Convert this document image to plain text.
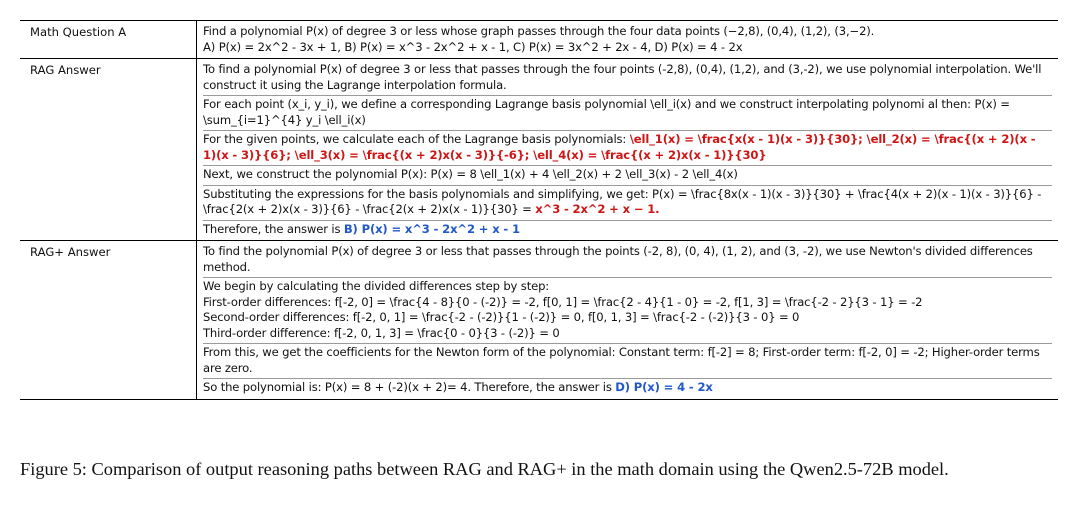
Math Question A	Find a polynomial P(x) of degree 3 or less whose graph passes through the four data points (−2,8), (0,4), (1,2), (3,−2).
A) P(x) = 2x^2 - 3x + 1, B) P(x) = x^3 - 2x^2 + x - 1, C) P(x) = 3x^2 + 2x - 4, D) P(x) = 4 - 2x
RAG Answer	To find a polynomial P(x) of degree 3 or less that passes through the four points (-2,8), (0,4), (1,2), and (3,-2), we use polynomial interpolation. We'll construct it using the Lagrange interpolation formula.
For each point (x_i, y_i), we define a corresponding Lagrange basis polynomial \ell_i(x) and we construct interpolating polynomi al then: P(x) = \sum_{i=1}^{4} y_i \ell_i(x)
For the given points, we calculate each of the Lagrange basis polynomials: \ell_1(x) = \frac{x(x - 1)(x - 3)}{30}; \ell_2(x) = \frac{(x + 2)(x - 1)(x - 3)}{6}; \ell_3(x) = \frac{(x + 2)x(x - 3)}{-6}; \ell_4(x) = \frac{(x + 2)x(x - 1)}{30}
Next, we construct the polynomial P(x): P(x) = 8 \ell_1(x) + 4 \ell_2(x) + 2 \ell_3(x) - 2 \ell_4(x)
Substituting the expressions for the basis polynomials and simplifying, we get: P(x) = \frac{8x(x - 1)(x - 3)}{30} + \frac{4(x + 2)(x - 1)(x - 3)}{6} - \frac{2(x + 2)x(x - 3)}{6} - \frac{2(x + 2)x(x - 1)}{30} = x^3 - 2x^2 + x − 1.
Therefore, the answer is B) P(x) = x^3 - 2x^2 + x - 1
RAG+ Answer	To find the polynomial P(x) of degree 3 or less that passes through the points (-2, 8), (0, 4), (1, 2), and (3, -2), we use Newton's divided differences method.
We begin by calculating the divided differences step by step:
First-order differences: f[-2, 0] = \frac{4 - 8}{0 - (-2)} = -2, f[0, 1] = \frac{2 - 4}{1 - 0} = -2, f[1, 3] = \frac{-2 - 2}{3 - 1} = -2
Second-order differences: f[-2, 0, 1] = \frac{-2 - (-2)}{1 - (-2)} = 0, f[0, 1, 3] = \frac{-2 - (-2)}{3 - 0} = 0
Third-order difference: f[-2, 0, 1, 3] = \frac{0 - 0}{3 - (-2)} = 0
From this, we get the coefficients for the Newton form of the polynomial: Constant term: f[-2] = 8; First-order term: f[-2, 0] = -2; Higher-order terms are zero.
So the polynomial is: P(x) = 8 + (-2)(x + 2)= 4. Therefore, the answer is D) P(x) = 4 - 2x
Figure 5: Comparison of output reasoning paths between RAG and RAG+ in the math domain using the Qwen2.5-72B model.
